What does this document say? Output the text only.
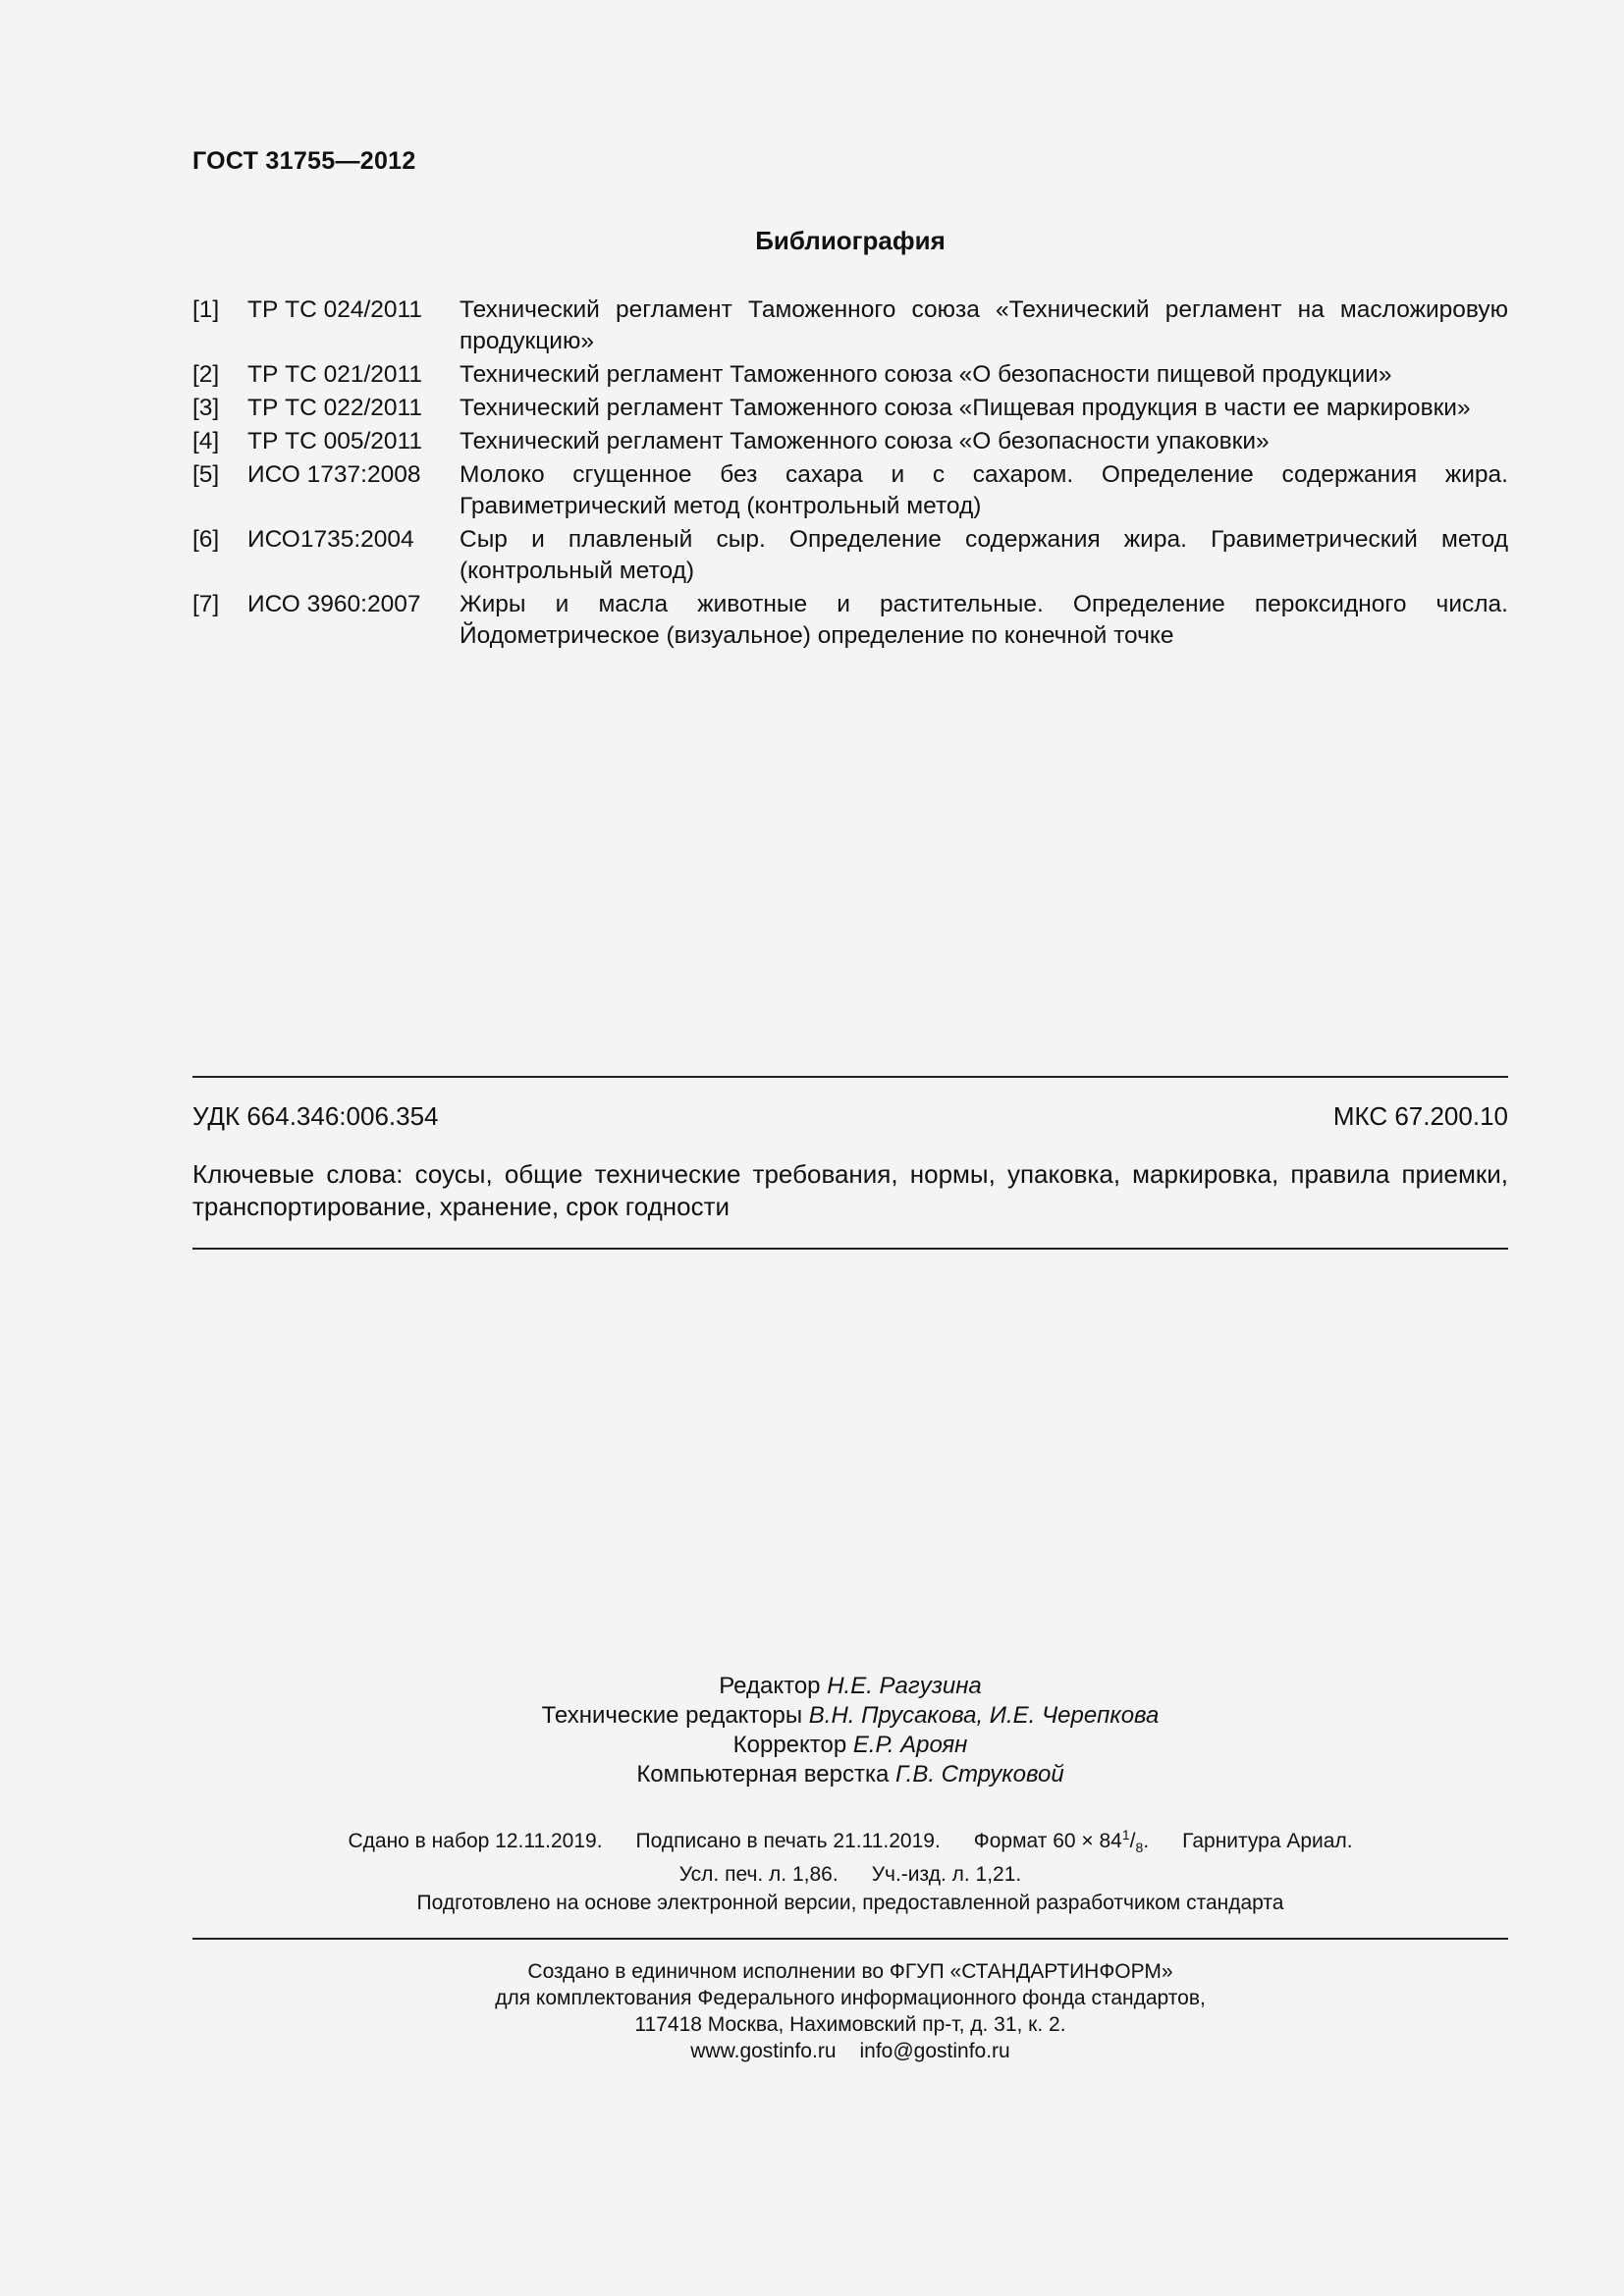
ГОСТ 31755—2012
Библиография
[1]	ТР ТС 024/2011	Технический регламент Таможенного союза «Технический регламент на масложировую продукцию»
[2]	ТР ТС 021/2011	Технический регламент Таможенного союза «О безопасности пищевой продукции»
[3]	ТР ТС 022/2011	Технический регламент Таможенного союза «Пищевая продукция в части ее маркировки»
[4]	ТР ТС 005/2011	Технический регламент Таможенного союза «О безопасности упаковки»
[5]	ИСО 1737:2008	Молоко сгущенное без сахара и с сахаром. Определение содержания жира. Гравиметрический метод (контрольный метод)
[6]	ИСО1735:2004	Сыр и плавленый сыр. Определение содержания жира. Гравиметрический метод (контрольный метод)
[7]	ИСО 3960:2007	Жиры и масла животные и растительные. Определение пероксидного числа. Йодометрическое (визуальное) определение по конечной точке
УДК 664.346:006.354	МКС 67.200.10
Ключевые слова: соусы, общие технические требования, нормы, упаковка, маркировка, правила приемки, транспортирование, хранение, срок годности
Редактор Н.Е. Рагузина
Технические редакторы В.Н. Прусакова, И.Е. Черепкова
Корректор Е.Р. Ароян
Компьютерная верстка Г.В. Струковой
Сдано в набор 12.11.2019. Подписано в печать 21.11.2019. Формат $60 \times 84^1/_8$. Гарнитура Ариал.
Усл. печ. л. 1,86. Уч.-изд. л. 1,21.
Подготовлено на основе электронной версии, предоставленной разработчиком стандарта
Создано в единичном исполнении во ФГУП «СТАНДАРТИНФОРМ»
для комплектования Федерального информационного фонда стандартов,
117418 Москва, Нахимовский пр-т, д. 31, к. 2.
www.gostinfo.ru info@gostinfo.ru
